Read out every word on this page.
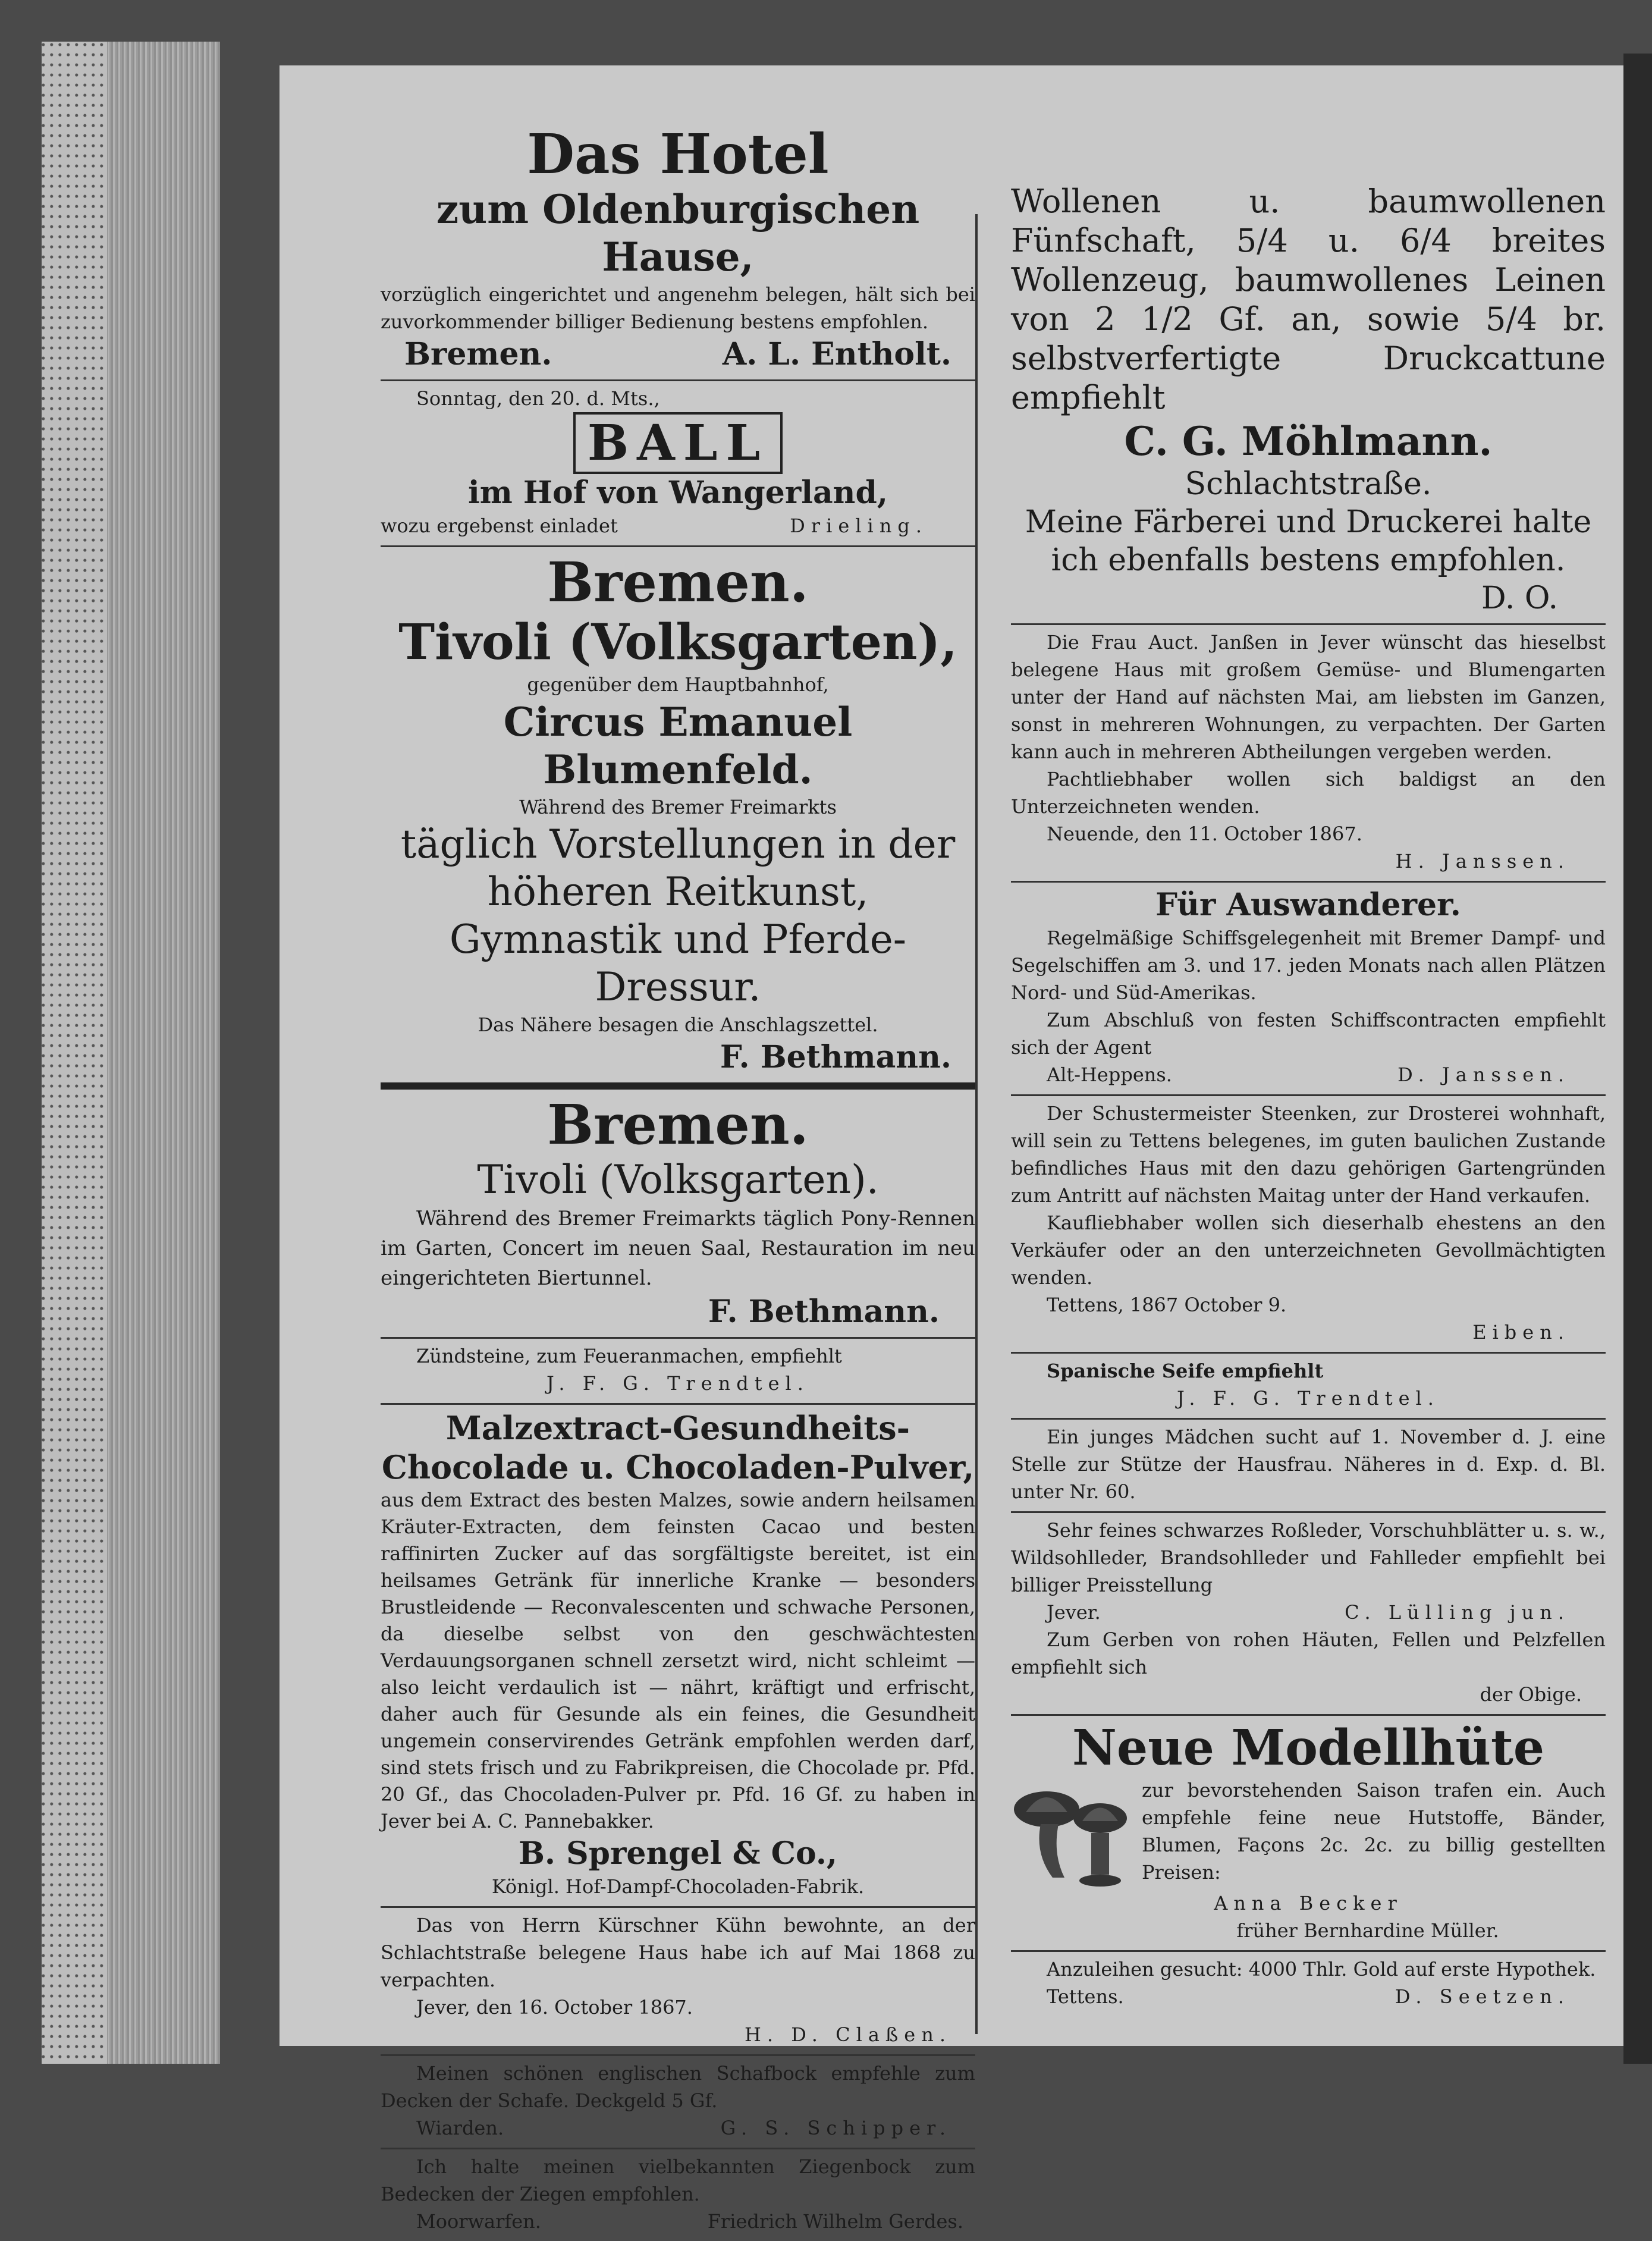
Das Hotel
zum Oldenburgischen Hause,
vorzüglich eingerichtet und angenehm belegen, hält sich bei zuvorkommender billiger Bedienung bestens empfohlen.
Bremen.	A. L. Entholt.
Sonntag, den 20. d. Mts.,
BALL
im Hof von Wangerland,
wozu ergebenst einladet	Drieling.
Bremen.
Tivoli (Volksgarten),
gegenüber dem Hauptbahnhof,
Circus Emanuel Blumenfeld.
Während des Bremer Freimarkts
täglich Vorstellungen in der höheren Reitkunst, Gymnastik und Pferde-Dressur.
Das Nähere besagen die Anschlagszettel.
F. Bethmann.
Bremen.
Tivoli (Volksgarten).
Während des Bremer Freimarkts täglich Pony-Rennen im Garten, Concert im neuen Saal, Restauration im neu eingerichteten Biertunnel.
F. Bethmann.
Zündsteine, zum Feueranmachen, empfiehlt
J. F. G. Trendtel.
Malzextract-Gesundheits-Chocolade u. Chocoladen-Pulver,
aus dem Extract des besten Malzes, sowie andern heilsamen Kräuter-Extracten, dem feinsten Cacao und besten raffinirten Zucker auf das sorgfältigste bereitet, ist ein heilsames Getränk für innerliche Kranke — besonders Brustleidende — Reconvalescenten und schwache Personen, da dieselbe selbst von den geschwächtesten Verdauungsorganen schnell zersetzt wird, nicht schleimt — also leicht verdaulich ist — nährt, kräftigt und erfrischt, daher auch für Gesunde als ein feines, die Gesundheit ungemein conservirendes Getränk empfohlen werden darf, sind stets frisch und zu Fabrikpreisen, die Chocolade pr. Pfd. 20 Gf., das Chocoladen-Pulver pr. Pfd. 16 Gf. zu haben in Jever bei A. C. Pannebakker.
B. Sprengel & Co.,
Königl. Hof-Dampf-Chocoladen-Fabrik.
Das von Herrn Kürschner Kühn bewohnte, an der Schlachtstraße belegene Haus habe ich auf Mai 1868 zu verpachten.
Jever, den 16. October 1867.
H. D. Claßen.
Meinen schönen englischen Schafbock empfehle zum Decken der Schafe. Deckgeld 5 Gf.
Wiarden.	G. S. Schipper.
Ich halte meinen vielbekannten Ziegenbock zum Bedecken der Ziegen empfohlen.
Moorwarfen.	Friedrich Wilhelm Gerdes.
Wollenen u. baumwollenen Fünfschaft, 5/4 u. 6/4 breites Wollenzeug, baumwollenes Leinen von 2 1/2 Gf. an, sowie 5/4 br. selbstverfertigte Druckcattune empfiehlt
C. G. Möhlmann.
Schlachtstraße.
Meine Färberei und Druckerei halte ich ebenfalls bestens empfohlen.
D. O.
Die Frau Auct. Janßen in Jever wünscht das hieselbst belegene Haus mit großem Gemüse- und Blumengarten unter der Hand auf nächsten Mai, am liebsten im Ganzen, sonst in mehreren Wohnungen, zu verpachten. Der Garten kann auch in mehreren Abtheilungen vergeben werden.
Pachtliebhaber wollen sich baldigst an den Unterzeichneten wenden.
Neuende, den 11. October 1867.
H. Janssen.
Für Auswanderer.
Regelmäßige Schiffsgelegenheit mit Bremer Dampf- und Segelschiffen am 3. und 17. jeden Monats nach allen Plätzen Nord- und Süd-Amerikas.
Zum Abschluß von festen Schiffscontracten empfiehlt sich der Agent
Alt-Heppens.	D. Janssen.
Der Schustermeister Steenken, zur Drosterei wohnhaft, will sein zu Tettens belegenes, im guten baulichen Zustande befindliches Haus mit den dazu gehörigen Gartengründen zum Antritt auf nächsten Maitag unter der Hand verkaufen.
Kaufliebhaber wollen sich dieserhalb ehestens an den Verkäufer oder an den unterzeichneten Gevollmächtigten wenden.
Tettens, 1867 October 9.
Eiben.
Spanische Seife empfiehlt
J. F. G. Trendtel.
Ein junges Mädchen sucht auf 1. November d. J. eine Stelle zur Stütze der Hausfrau. Näheres in d. Exp. d. Bl. unter Nr. 60.
Sehr feines schwarzes Roßleder, Vorschuhblätter u. s. w., Wildsohlleder, Brandsohlleder und Fahlleder empfiehlt bei billiger Preisstellung
Jever.	C. Lülling jun.
Zum Gerben von rohen Häuten, Fellen und Pelzfellen empfiehlt sich
der Obige.
Neue Modellhüte
zur bevorstehenden Saison trafen ein. Auch empfehle feine neue Hutstoffe, Bänder, Blumen, Façons 2c. 2c. zu billig gestellten Preisen:
Anna Becker
früher Bernhardine Müller.
Anzuleihen gesucht: 4000 Thlr. Gold auf erste Hypothek.
Tettens.	D. Seetzen.
